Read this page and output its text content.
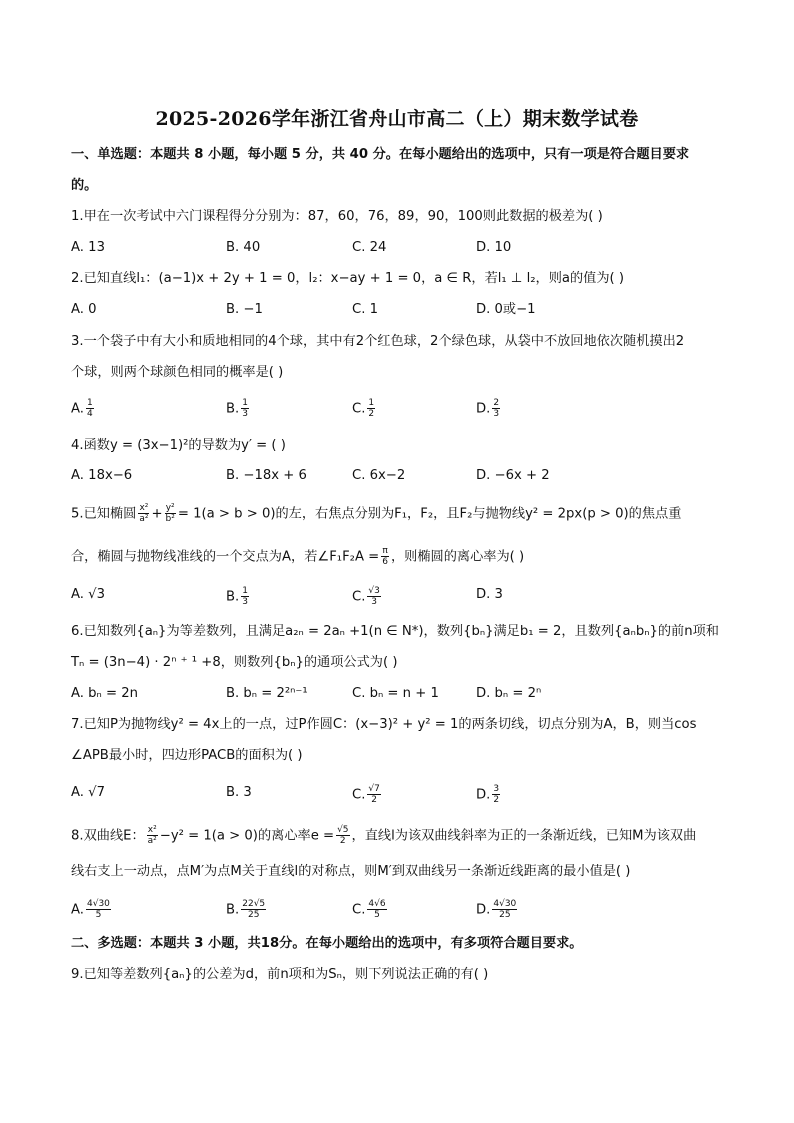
2025-2026学年浙江省舟山市高二（上）期末数学试卷
一、单选题：本题共 8 小题，每小题 5 分，共 40 分。在每小题给出的选项中，只有一项是符合题目要求
的。
1.甲在一次考试中六门课程得分分别为：87，60，76，89，90，100则此数据的极差为( )
A. 13	B. 40	C. 24	D. 10
2.已知直线l₁：(a−1)x + 2y + 1 = 0，l₂：x−ay + 1 = 0，a ∈ R，若l₁ ⊥ l₂，则a的值为( )
A. 0	B. −1	C. 1	D. 0或−1
3.一个袋子中有大小和质地相同的4个球，其中有2个红色球，2个绿色球，从袋中不放回地依次随机摸出2
个球，则两个球颜色相同的概率是( )
A. $\frac{1}{4}$	B. $\frac{1}{3}$	C. $\frac{1}{2}$	D. $\frac{2}{3}$
4.函数y = (3x−1)²的导数为y′ = ( )
A. 18x−6	B. −18x + 6	C. 6x−2	D. −6x + 2
5.已知椭圆 $\frac{\text{x²}}{\text{a²}} + \frac{\text{y²}}{\text{b²}} = 1(a > b > 0)$的左，右焦点分别为F₁，F₂，且F₂与抛物线y² = 2px(p > 0)的焦点重
合，椭圆与抛物线准线的一个交点为A，若∠F₁F₂A = $\frac{\pi}{6}$ ，则椭圆的离心率为( )
A. √3	B. $\frac{1}{3}$	C. $\frac{√3}{3}$	D. 3
6.已知数列{aₙ}为等差数列，且满足a₂ₙ = 2aₙ +1(n ∈ N*)，数列{bₙ}满足b₁ = 2，且数列{aₙbₙ}的前n项和
Tₙ = (3n−4) · 2ⁿ ⁺ ¹ +8，则数列{bₙ}的通项公式为( )
A. bₙ = 2n	B. bₙ = 2²ⁿ⁻¹	C. bₙ = n + 1	D. bₙ = 2ⁿ
7.已知P为抛物线y² = 4x上的一点，过P作圆C：(x−3)² + y² = 1的两条切线，切点分别为A，B，则当cos
∠APB最小时，四边形PACB的面积为( )
A. √7	B. 3	C. $\frac{√7}{2}$	D. $\frac{3}{2}$
8.双曲线E： $\frac{\text{x²}}{\text{a²}} -y^2 = 1(a > 0)$的离心率$e = \frac{√5}{2}$ ，直线l为该双曲线斜率为正的一条渐近线，已知M为该双曲
线右支上一动点，点M′为点M关于直线l的对称点，则M′到双曲线另一条渐近线距离的最小值是( )
A. $\frac{4√30}{5}$	B. $\frac{22√5}{25}$	C. $\frac{4√6}{5}$	D. $\frac{4√30}{25}$
二、多选题：本题共 3 小题，共18分。在每小题给出的选项中，有多项符合题目要求。
9.已知等差数列{aₙ}的公差为d，前n项和为Sₙ，则下列说法正确的有( )
